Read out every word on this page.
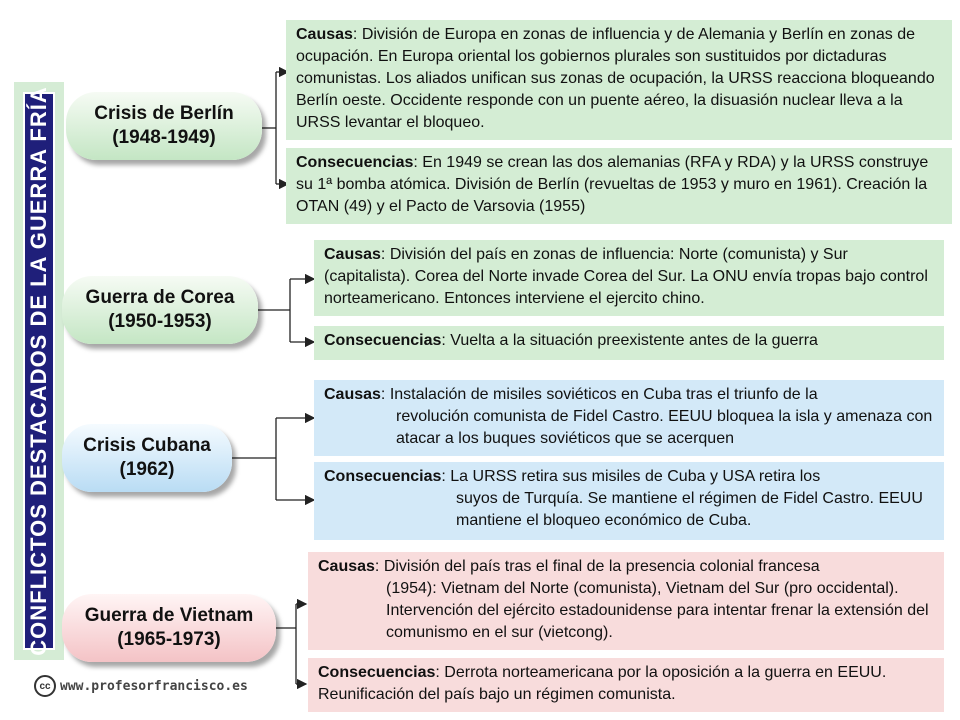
CONFLICTOS DESTACADOS DE LA GUERRA FRÍA	Crisis de Berlín
(1948-1949)
Causas: División de Europa en zonas de influencia y de Alemania y Berlín en zonas de ocupación. En Europa oriental los gobiernos plurales son sustituidos por dictaduras comunistas. Los aliados unifican sus zonas de ocupación, la URSS reacciona bloqueando Berlín oeste. Occidente responde con un puente aéreo, la disuasión nuclear lleva a la URSS levantar el bloqueo.
Consecuencias: En 1949 se crean las dos alemanias (RFA y RDA) y la URSS construye su 1ª bomba atómica. División de Berlín (revueltas de 1953 y muro en 1961). Creación la OTAN (49) y el Pacto de Varsovia (1955)
Guerra de Corea
(1950-1953)
Causas: División del país en zonas de influencia: Norte (comunista) y Sur (capitalista). Corea del Norte invade Corea del Sur. La ONU envía tropas bajo control norteamericano. Entonces interviene el ejercito chino.
Consecuencias: Vuelta a la situación preexistente antes de la guerra
Crisis Cubana
(1962)
Causas: Instalación de misiles soviéticos en Cuba tras el triunfo de la
revolución comunista de Fidel Castro. EEUU bloquea la isla y amenaza con atacar a los buques soviéticos que se acerquen
Consecuencias: La URSS retira sus misiles de Cuba y USA retira los
suyos de Turquía. Se mantiene el régimen de Fidel Castro. EEUU mantiene el bloqueo económico de Cuba.
Guerra de Vietnam
(1965-1973)
Causas: División del país tras el final de la presencia colonial francesa
(1954): Vietnam del Norte (comunista), Vietnam del Sur (pro occidental). Intervención del ejército estadounidense para intentar frenar la extensión del comunismo en el sur (vietcong).
Consecuencias: Derrota norteamericana por la oposición a la guerra en EEUU. Reunificación del país bajo un régimen comunista.
cc www.profesorfrancisco.es
